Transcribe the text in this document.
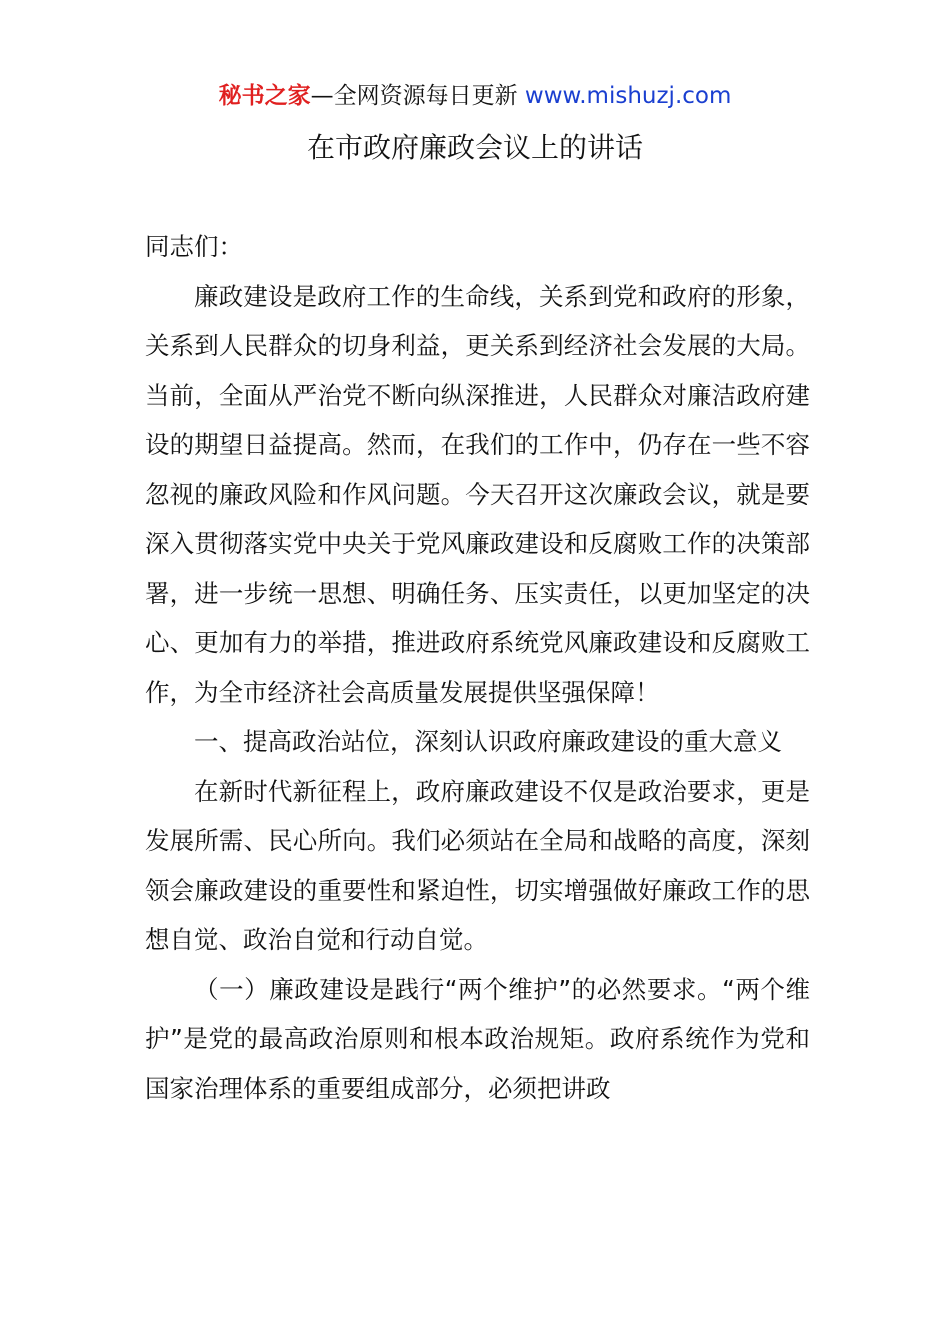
秘书之家—全网资源每日更新 www.mishuzj.com
在市政府廉政会议上的讲话

同志们：

廉政建设是政府工作的生命线，关系到党和政府的形象，关系到人民群众的切身利益，更关系到经济社会发展的大局。当前，全面从严治党不断向纵深推进，人民群众对廉洁政府建设的期望日益提高。然而，在我们的工作中，仍存在一些不容忽视的廉政风险和作风问题。今天召开这次廉政会议，就是要深入贯彻落实党中央关于党风廉政建设和反腐败工作的决策部署，进一步统一思想、明确任务、压实责任，以更加坚定的决心、更加有力的举措，推进政府系统党风廉政建设和反腐败工作，为全市经济社会高质量发展提供坚强保障！

一、提高政治站位，深刻认识政府廉政建设的重大意义

在新时代新征程上，政府廉政建设不仅是政治要求，更是发展所需、民心所向。我们必须站在全局和战略的高度，深刻领会廉政建设的重要性和紧迫性，切实增强做好廉政工作的思想自觉、政治自觉和行动自觉。

（一）廉政建设是践行“两个维护”的必然要求。“两个维护”是党的最高政治原则和根本政治规矩。政府系统作为党和国家治理体系的重要组成部分，必须把讲政
